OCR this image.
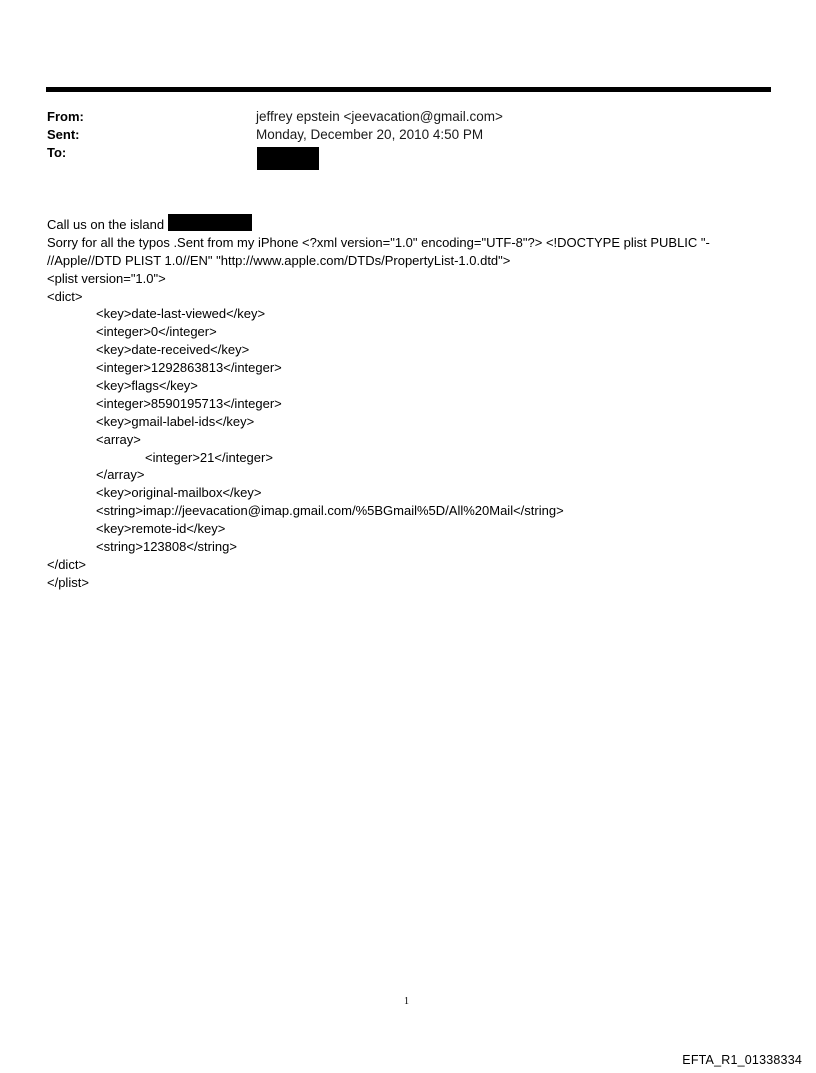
From:	jeffrey epstein <jeevacation@gmail.com>
Sent:	Monday, December 20, 2010 4:50 PM
To:
Call us on the island
Sorry for all the typos .Sent from my iPhone <?xml version="1.0" encoding="UTF-8"?> <!DOCTYPE plist PUBLIC "-
//Apple//DTD PLIST 1.0//EN" "http://www.apple.com/DTDs/PropertyList-1.0.dtd">
<plist version="1.0">
<dict>
<key>date-last-viewed</key>
<integer>0</integer>
<key>date-received</key>
<integer>1292863813</integer>
<key>flags</key>
<integer>8590195713</integer>
<key>gmail-label-ids</key>
<array>
<integer>21</integer>
</array>
<key>original-mailbox</key>
<string>imap://jeevacation@imap.gmail.com/%5BGmail%5D/All%20Mail</string>
<key>remote-id</key>
<string>123808</string>
</dict>
</plist>
1
EFTA_R1_01338334
